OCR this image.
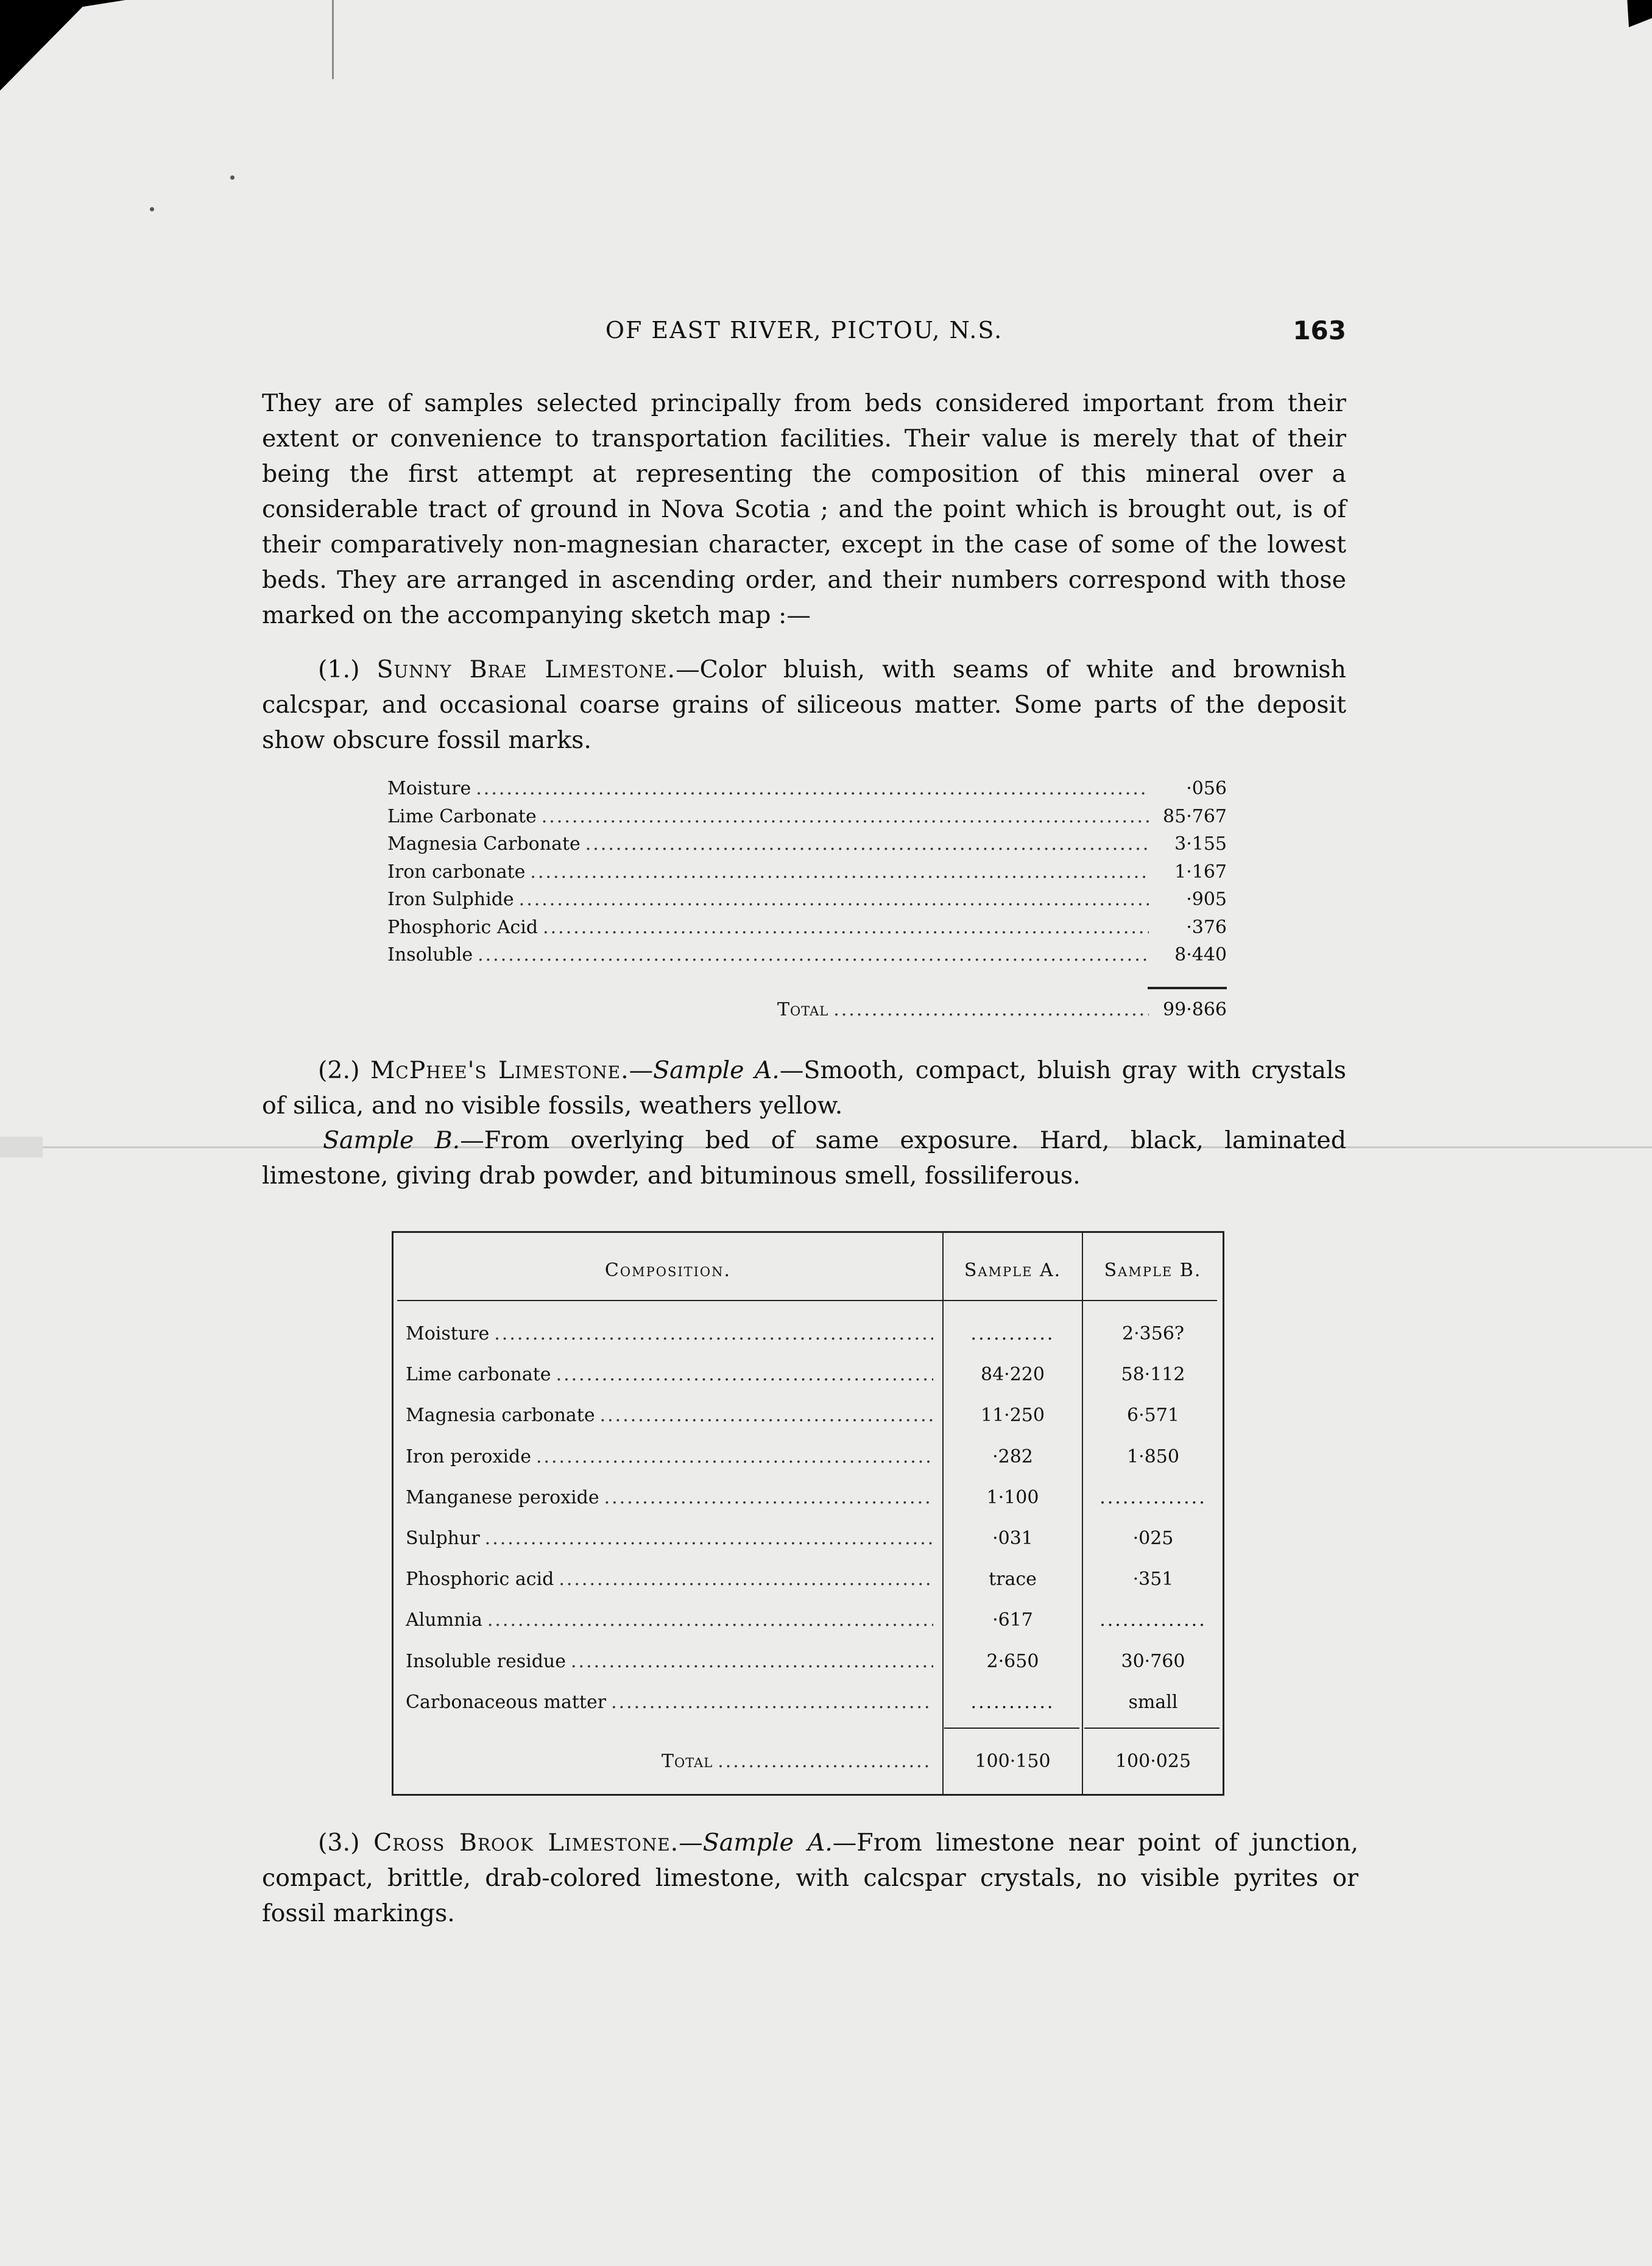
OF EAST RIVER, PICTOU, N.S.	163

They are of samples selected principally from beds considered important from their extent or convenience to transportation facilities. Their value is merely that of their being the first attempt at representing the composition of this mineral over a considerable tract of ground in Nova Scotia ; and the point which is brought out, is of their comparatively non-magnesian character, except in the case of some of the lowest beds. They are arranged in ascending order, and their numbers correspond with those marked on the accompanying sketch map :—

(1.) Sunny Brae Limestone.—Color bluish, with seams of white and brownish calcspar, and occasional coarse grains of siliceous matter. Some parts of the deposit show obscure fossil marks.

Moisture .....	·056
Lime Carbonate .....	85·767
Magnesia Carbonate .....	3·155
Iron carbonate .....	1·167
Iron Sulphide .....	·905
Phosphoric Acid .....	·376
Insoluble .....	8·440
Total .....	99·866

(2.) McPhee's Limestone.—Sample A.—Smooth, compact, bluish gray with crystals of silica, and no visible fossils, weathers yellow.

Sample B.—From overlying bed of same exposure. Hard, black, laminated limestone, giving drab powder, and bituminous smell, fossiliferous.

Composition.	Sample A.	Sample B.
Moisture .....	...........	2·356?
Lime carbonate .....	84·220	58·112
Magnesia carbonate .....	11·250	6·571
Iron peroxide .....	·282	1·850
Manganese peroxide .....	1·100	..............
Sulphur .....	·031	·025
Phosphoric acid .....	trace	·351
Alumnia .....	·617	..............
Insoluble residue .....	2·650	30·760
Carbonaceous matter .....	...........	small
Total .....	100·150	100·025

(3.) Cross Brook Limestone.—Sample A.—From limestone near point of junction, compact, brittle, drab-colored limestone, with calcspar crystals, no visible pyrites or fossil markings.
